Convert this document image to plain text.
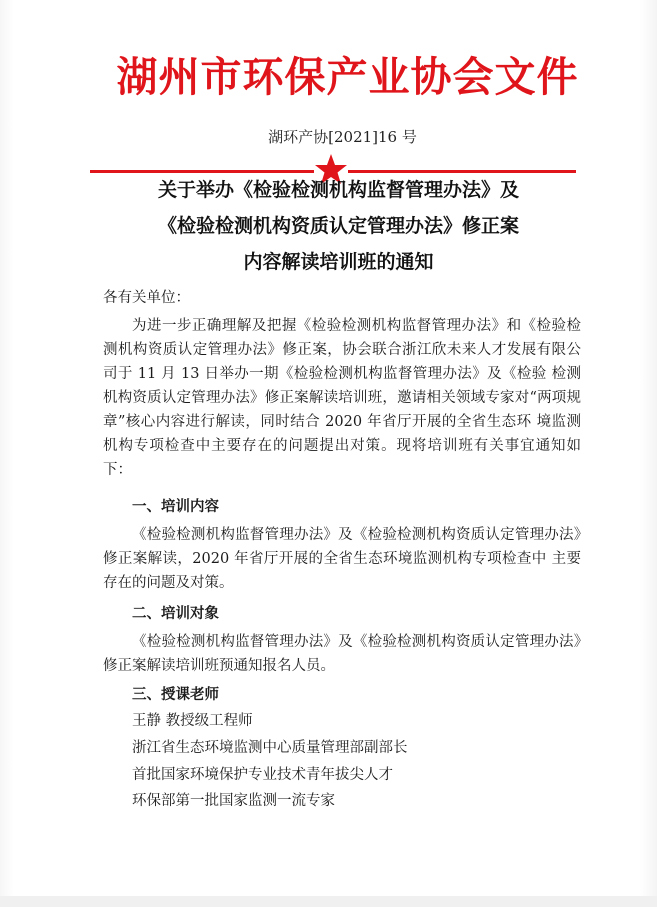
湖州市环保产业协会文件
湖环产协[2021]16 号
关于举办《检验检测机构监督管理办法》及
《检验检测机构资质认定管理办法》修正案
内容解读培训班的通知
各有关单位：
为进一步正确理解及把握《检验检测机构监督管理办法》和《检验检测机构资质认定管理办法》修正案，协会联合浙江欣未来人才发展有限公司于 11 月 13 日举办一期《检验检测机构监督管理办法》及《检验 检测机构资质认定管理办法》修正案解读培训班，邀请相关领域专家对“两项规章”核心内容进行解读，同时结合 2020 年省厅开展的全省生态环 境监测机构专项检查中主要存在的问题提出对策。现将培训班有关事宜通知如下：
一、培训内容
《检验检测机构监督管理办法》及《检验检测机构资质认定管理办法》修正案解读，2020 年省厅开展的全省生态环境监测机构专项检查中 主要存在的问题及对策。
二、培训对象
《检验检测机构监督管理办法》及《检验检测机构资质认定管理办法》修正案解读培训班预通知报名人员。
三、授课老师
王静 教授级工程师
浙江省生态环境监测中心质量管理部副部长
首批国家环境保护专业技术青年拔尖人才
环保部第一批国家监测一流专家
